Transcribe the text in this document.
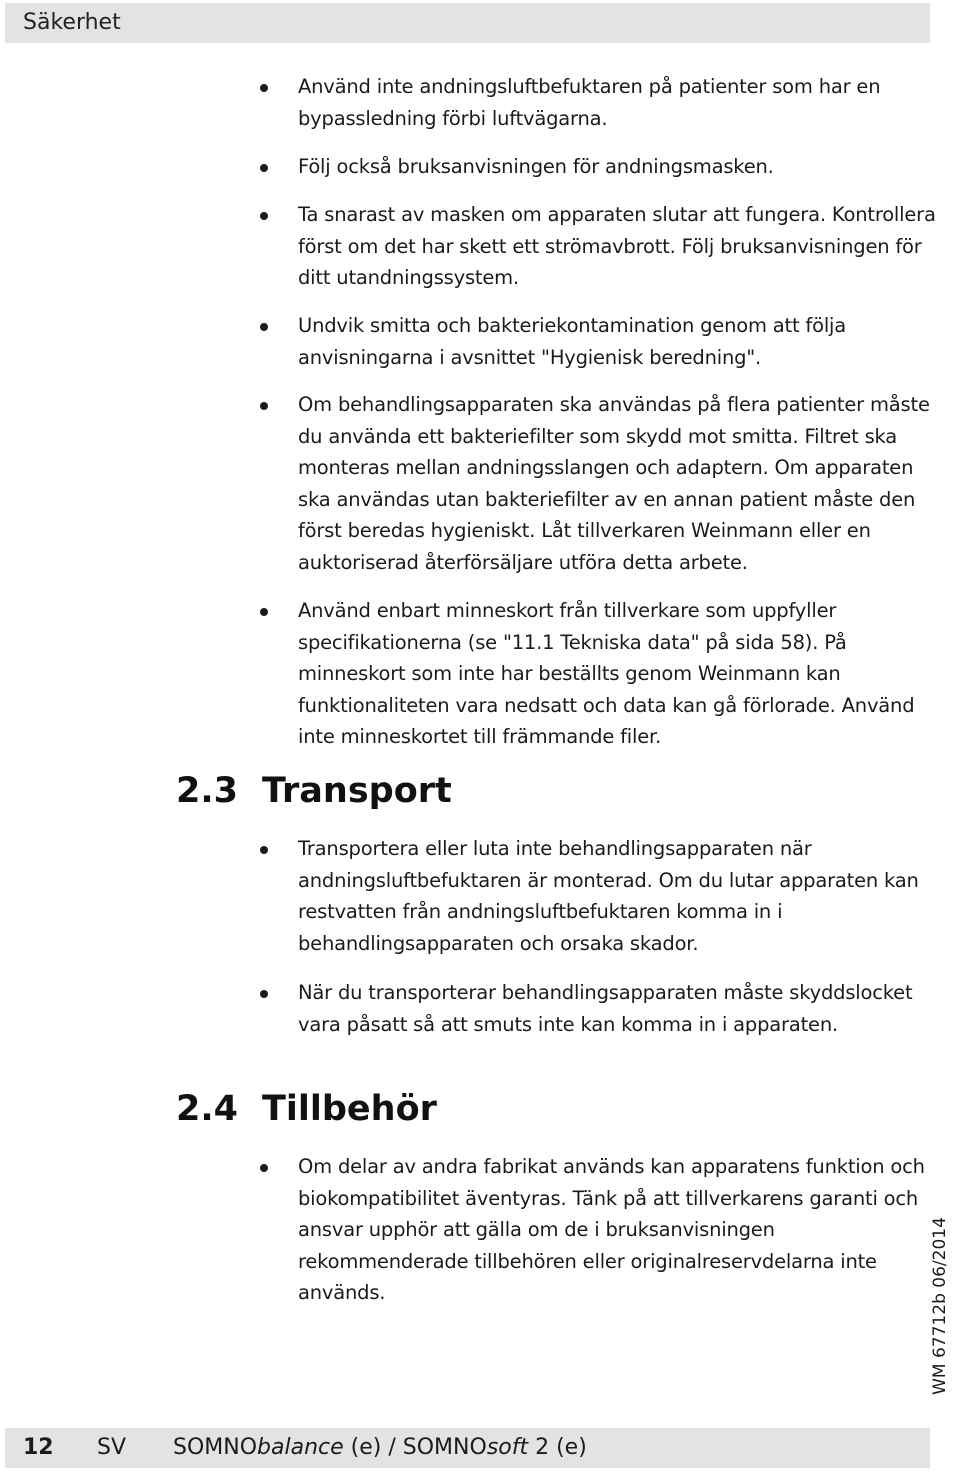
Säkerhet
Använd inte andningsluftbefuktaren på patienter som har en bypassledning förbi luftvägarna.
Följ också bruksanvisningen för andningsmasken.
Ta snarast av masken om apparaten slutar att fungera. Kontrollera först om det har skett ett strömavbrott. Följ bruksanvisningen för ditt utandningssystem.
Undvik smitta och bakteriekontamination genom att följa anvisningarna i avsnittet "Hygienisk beredning".
Om behandlingsapparaten ska användas på flera patienter måste du använda ett bakteriefilter som skydd mot smitta. Filtret ska monteras mellan andningsslangen och adaptern. Om apparaten ska användas utan bakteriefilter av en annan patient måste den först beredas hygieniskt. Låt tillverkaren Weinmann eller en auktoriserad återförsäljare utföra detta arbete.
Använd enbart minneskort från tillverkare som uppfyller specifikationerna (se "11.1 Tekniska data" på sida 58). På minneskort som inte har beställts genom Weinmann kan funktionaliteten vara nedsatt och data kan gå förlorade. Använd inte minneskortet till främmande filer.
2.3 Transport
Transportera eller luta inte behandlingsapparaten när andningsluftbefuktaren är monterad. Om du lutar apparaten kan restvatten från andningsluftbefuktaren komma in i behandlingsapparaten och orsaka skador.
När du transporterar behandlingsapparaten måste skyddslocket vara påsatt så att smuts inte kan komma in i apparaten.
2.4 Tillbehör
Om delar av andra fabrikat används kan apparatens funktion och biokompatibilitet äventyras. Tänk på att tillverkarens garanti och ansvar upphör att gälla om de i bruksanvisningen rekommenderade tillbehören eller originalreservdelarna inte används.	WM 67712b 06/2014
12 SV SOMNObalance (e) / SOMNOsoft 2 (e)
